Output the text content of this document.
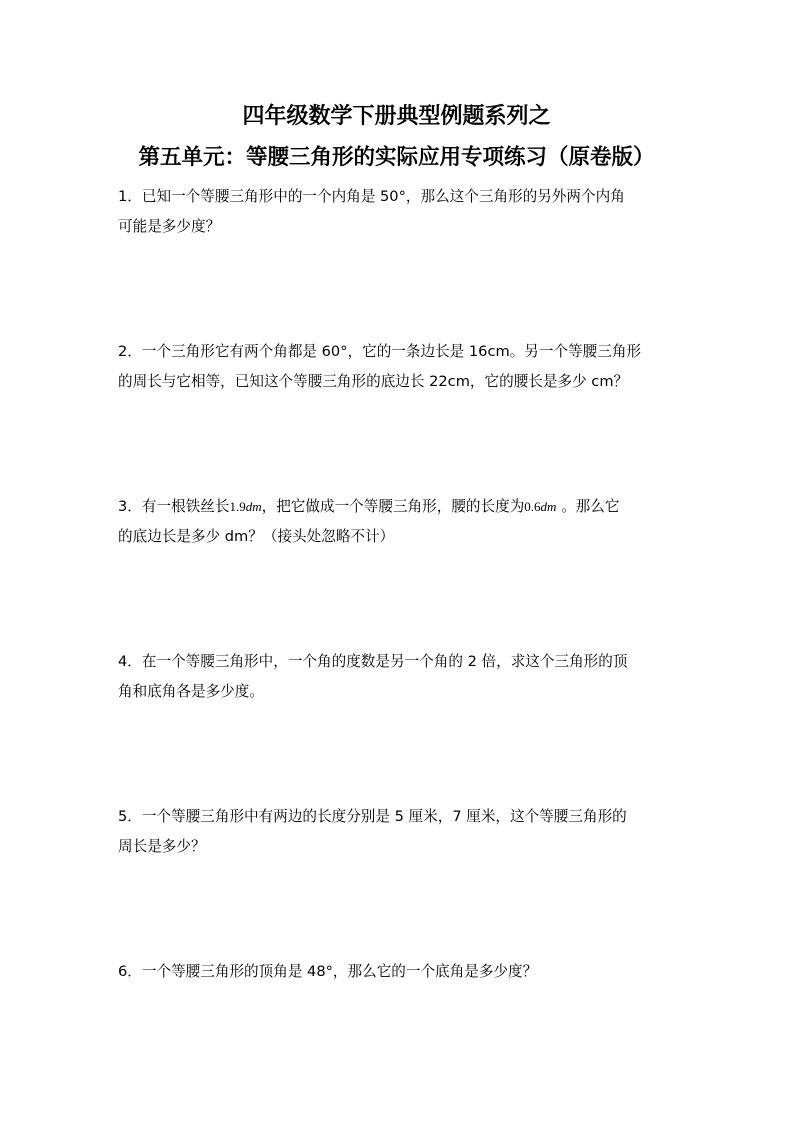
四年级数学下册典型例题系列之
第五单元：等腰三角形的实际应用专项练习（原卷版）
1．已知一个等腰三角形中的一个内角是 50°，那么这个三角形的另外两个内角
可能是多少度？
2．一个三角形它有两个角都是 60°，它的一条边长是 16cm。另一个等腰三角形
的周长与它相等，已知这个等腰三角形的底边长 22cm，它的腰长是多少 cm？
3．有一根铁丝长1.9dm，把它做成一个等腰三角形，腰的长度为0.6dm 。那么它
的底边长是多少 dm？（接头处忽略不计）
4．在一个等腰三角形中，一个角的度数是另一个角的 2 倍，求这个三角形的顶
角和底角各是多少度。
5．一个等腰三角形中有两边的长度分别是 5 厘米，7 厘米，这个等腰三角形的
周长是多少？
6．一个等腰三角形的顶角是 48°，那么它的一个底角是多少度？
